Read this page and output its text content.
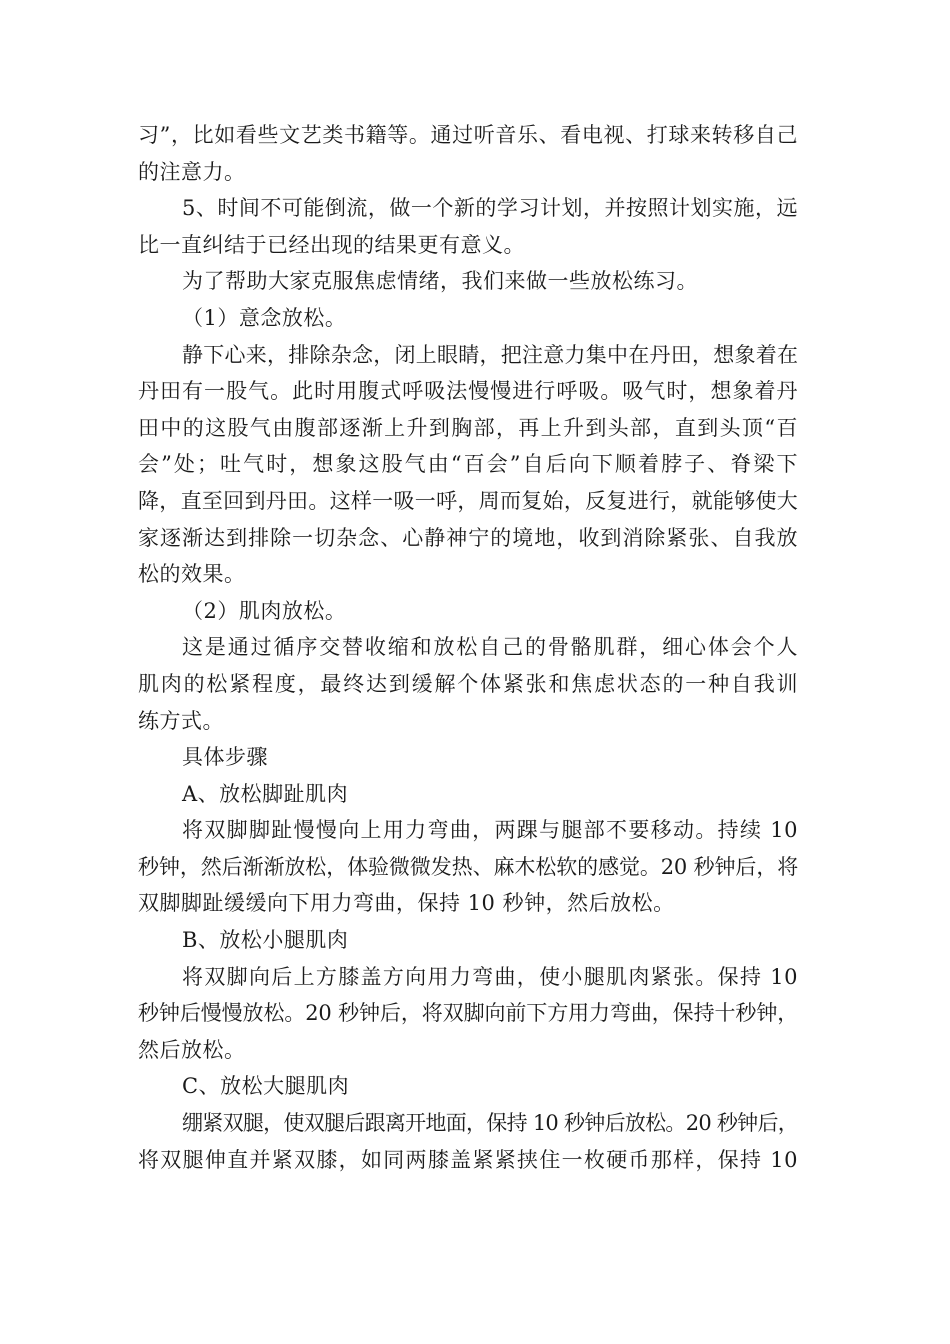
习”，比如看些文艺类书籍等。通过听音乐、看电视、打球来转移自己
的注意力。
5、时间不可能倒流，做一个新的学习计划，并按照计划实施，远
比一直纠结于已经出现的结果更有意义。
为了帮助大家克服焦虑情绪，我们来做一些放松练习。
（1）意念放松。
静下心来，排除杂念，闭上眼睛，把注意力集中在丹田，想象着在
丹田有一股气。此时用腹式呼吸法慢慢进行呼吸。吸气时，想象着丹
田中的这股气由腹部逐渐上升到胸部，再上升到头部，直到头顶“百
会”处；吐气时，想象这股气由“百会”自后向下顺着脖子、脊梁下
降，直至回到丹田。这样一吸一呼，周而复始，反复进行，就能够使大
家逐渐达到排除一切杂念、心静神宁的境地，收到消除紧张、自我放
松的效果。
（2）肌肉放松。
这是通过循序交替收缩和放松自己的骨骼肌群，细心体会个人
肌肉的松紧程度，最终达到缓解个体紧张和焦虑状态的一种自我训
练方式。
具体步骤
A、放松脚趾肌肉
将双脚脚趾慢慢向上用力弯曲，两踝与腿部不要移动。持续 10
秒钟，然后渐渐放松，体验微微发热、麻木松软的感觉。20 秒钟后，将
双脚脚趾缓缓向下用力弯曲，保持 10 秒钟，然后放松。
B、放松小腿肌肉
将双脚向后上方膝盖方向用力弯曲，使小腿肌肉紧张。保持 10
秒钟后慢慢放松。20 秒钟后，将双脚向前下方用力弯曲，保持十秒钟，
然后放松。
C、放松大腿肌肉
绷紧双腿，使双腿后跟离开地面，保持 10 秒钟后放松。20 秒钟后，
将双腿伸直并紧双膝，如同两膝盖紧紧挟住一枚硬币那样，保持 10
